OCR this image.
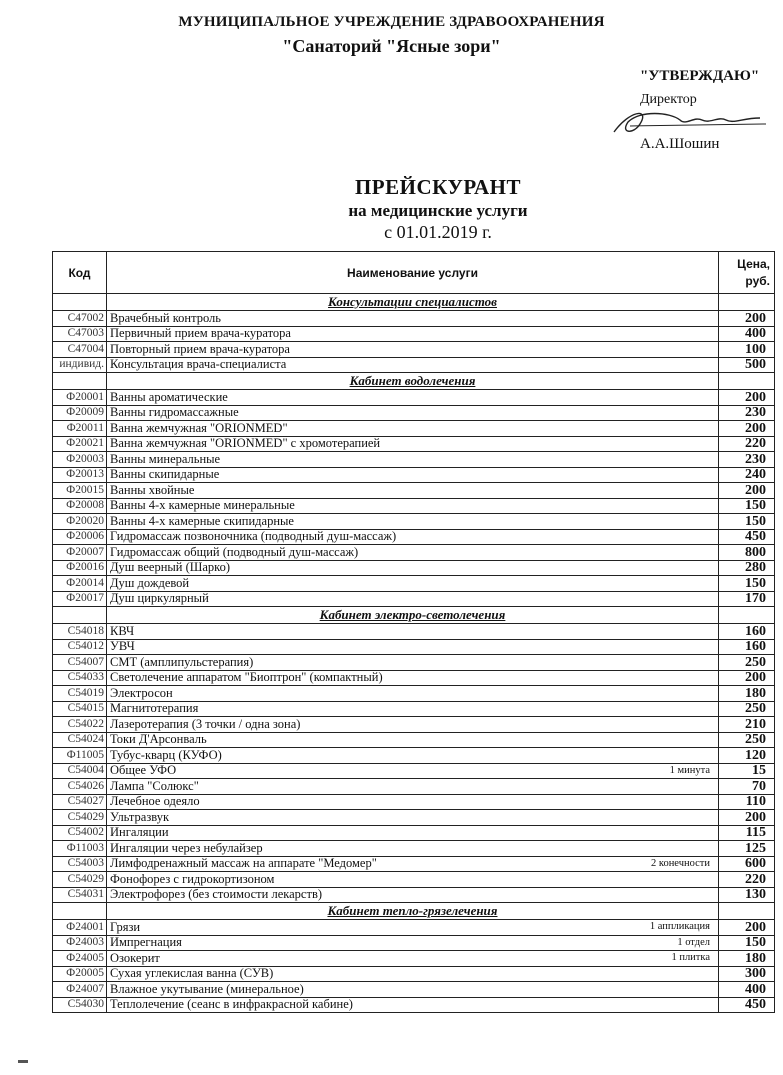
МУНИЦИПАЛЬНОЕ УЧРЕЖДЕНИЕ ЗДРАВООХРАНЕНИЯ
"Санаторий "Ясные зори"
"УТВЕРЖДАЮ"
Директор
А.А.Шошин
ПРЕЙСКУРАНТ
на медицинские услуги
с 01.01.2019 г.
Код	Наименование услуги	Цена, руб.
	Консультации специалистов	
С47002	Врачебный контроль	200
С47003	Первичный прием врача-куратора	400
С47004	Повторный прием врача-куратора	100
индивид.	Консультация врача-специалиста	500
	Кабинет водолечения	
Ф20001	Ванны ароматические	200
Ф20009	Ванны гидромассажные	230
Ф20011	Ванна жемчужная "ORIONMED"	200
Ф20021	Ванна жемчужная "ORIONMED" с хромотерапией	220
Ф20003	Ванны минеральные	230
Ф20013	Ванны скипидарные	240
Ф20015	Ванны хвойные	200
Ф20008	Ванны 4-х камерные минеральные	150
Ф20020	Ванны 4-х камерные скипидарные	150
Ф20006	Гидромассаж позвоночника (подводный душ-массаж)	450
Ф20007	Гидромассаж общий (подводный душ-массаж)	800
Ф20016	Душ веерный (Шарко)	280
Ф20014	Душ дождевой	150
Ф20017	Душ циркулярный	170
	Кабинет электро-светолечения	
С54018	КВЧ	160
С54012	УВЧ	160
С54007	СМТ (амплипульстерапия)	250
С54033	Светолечение аппаратом "Биоптрон" (компактный)	200
С54019	Электросон	180
С54015	Магнитотерапия	250
С54022	Лазеротерапия (3 точки / одна зона)	210
С54024	Токи Д'Арсонваль	250
Ф11005	Тубус-кварц (КУФО)	120
С54004	Общее УФО 1 минута	15
С54026	Лампа "Солюкс"	70
С54027	Лечебное одеяло	110
С54029	Ультразвук	200
С54002	Ингаляции	115
Ф11003	Ингаляции через небулайзер	125
С54003	Лимфодренажный массаж на аппарате "Медомер" 2 конечности	600
С54029	Фонофорез с гидрокортизоном	220
С54031	Электрофорез (без стоимости лекарств)	130
	Кабинет тепло-грязелечения	
Ф24001	Грязи 1 аппликация	200
Ф24003	Импрегнация 1 отдел	150
Ф24005	Озокерит 1 плитка	180
Ф20005	Сухая углекислая ванна (СУВ)	300
Ф24007	Влажное укутывание (минеральное)	400
С54030	Теплолечение (сеанс в инфракрасной кабине)	450
